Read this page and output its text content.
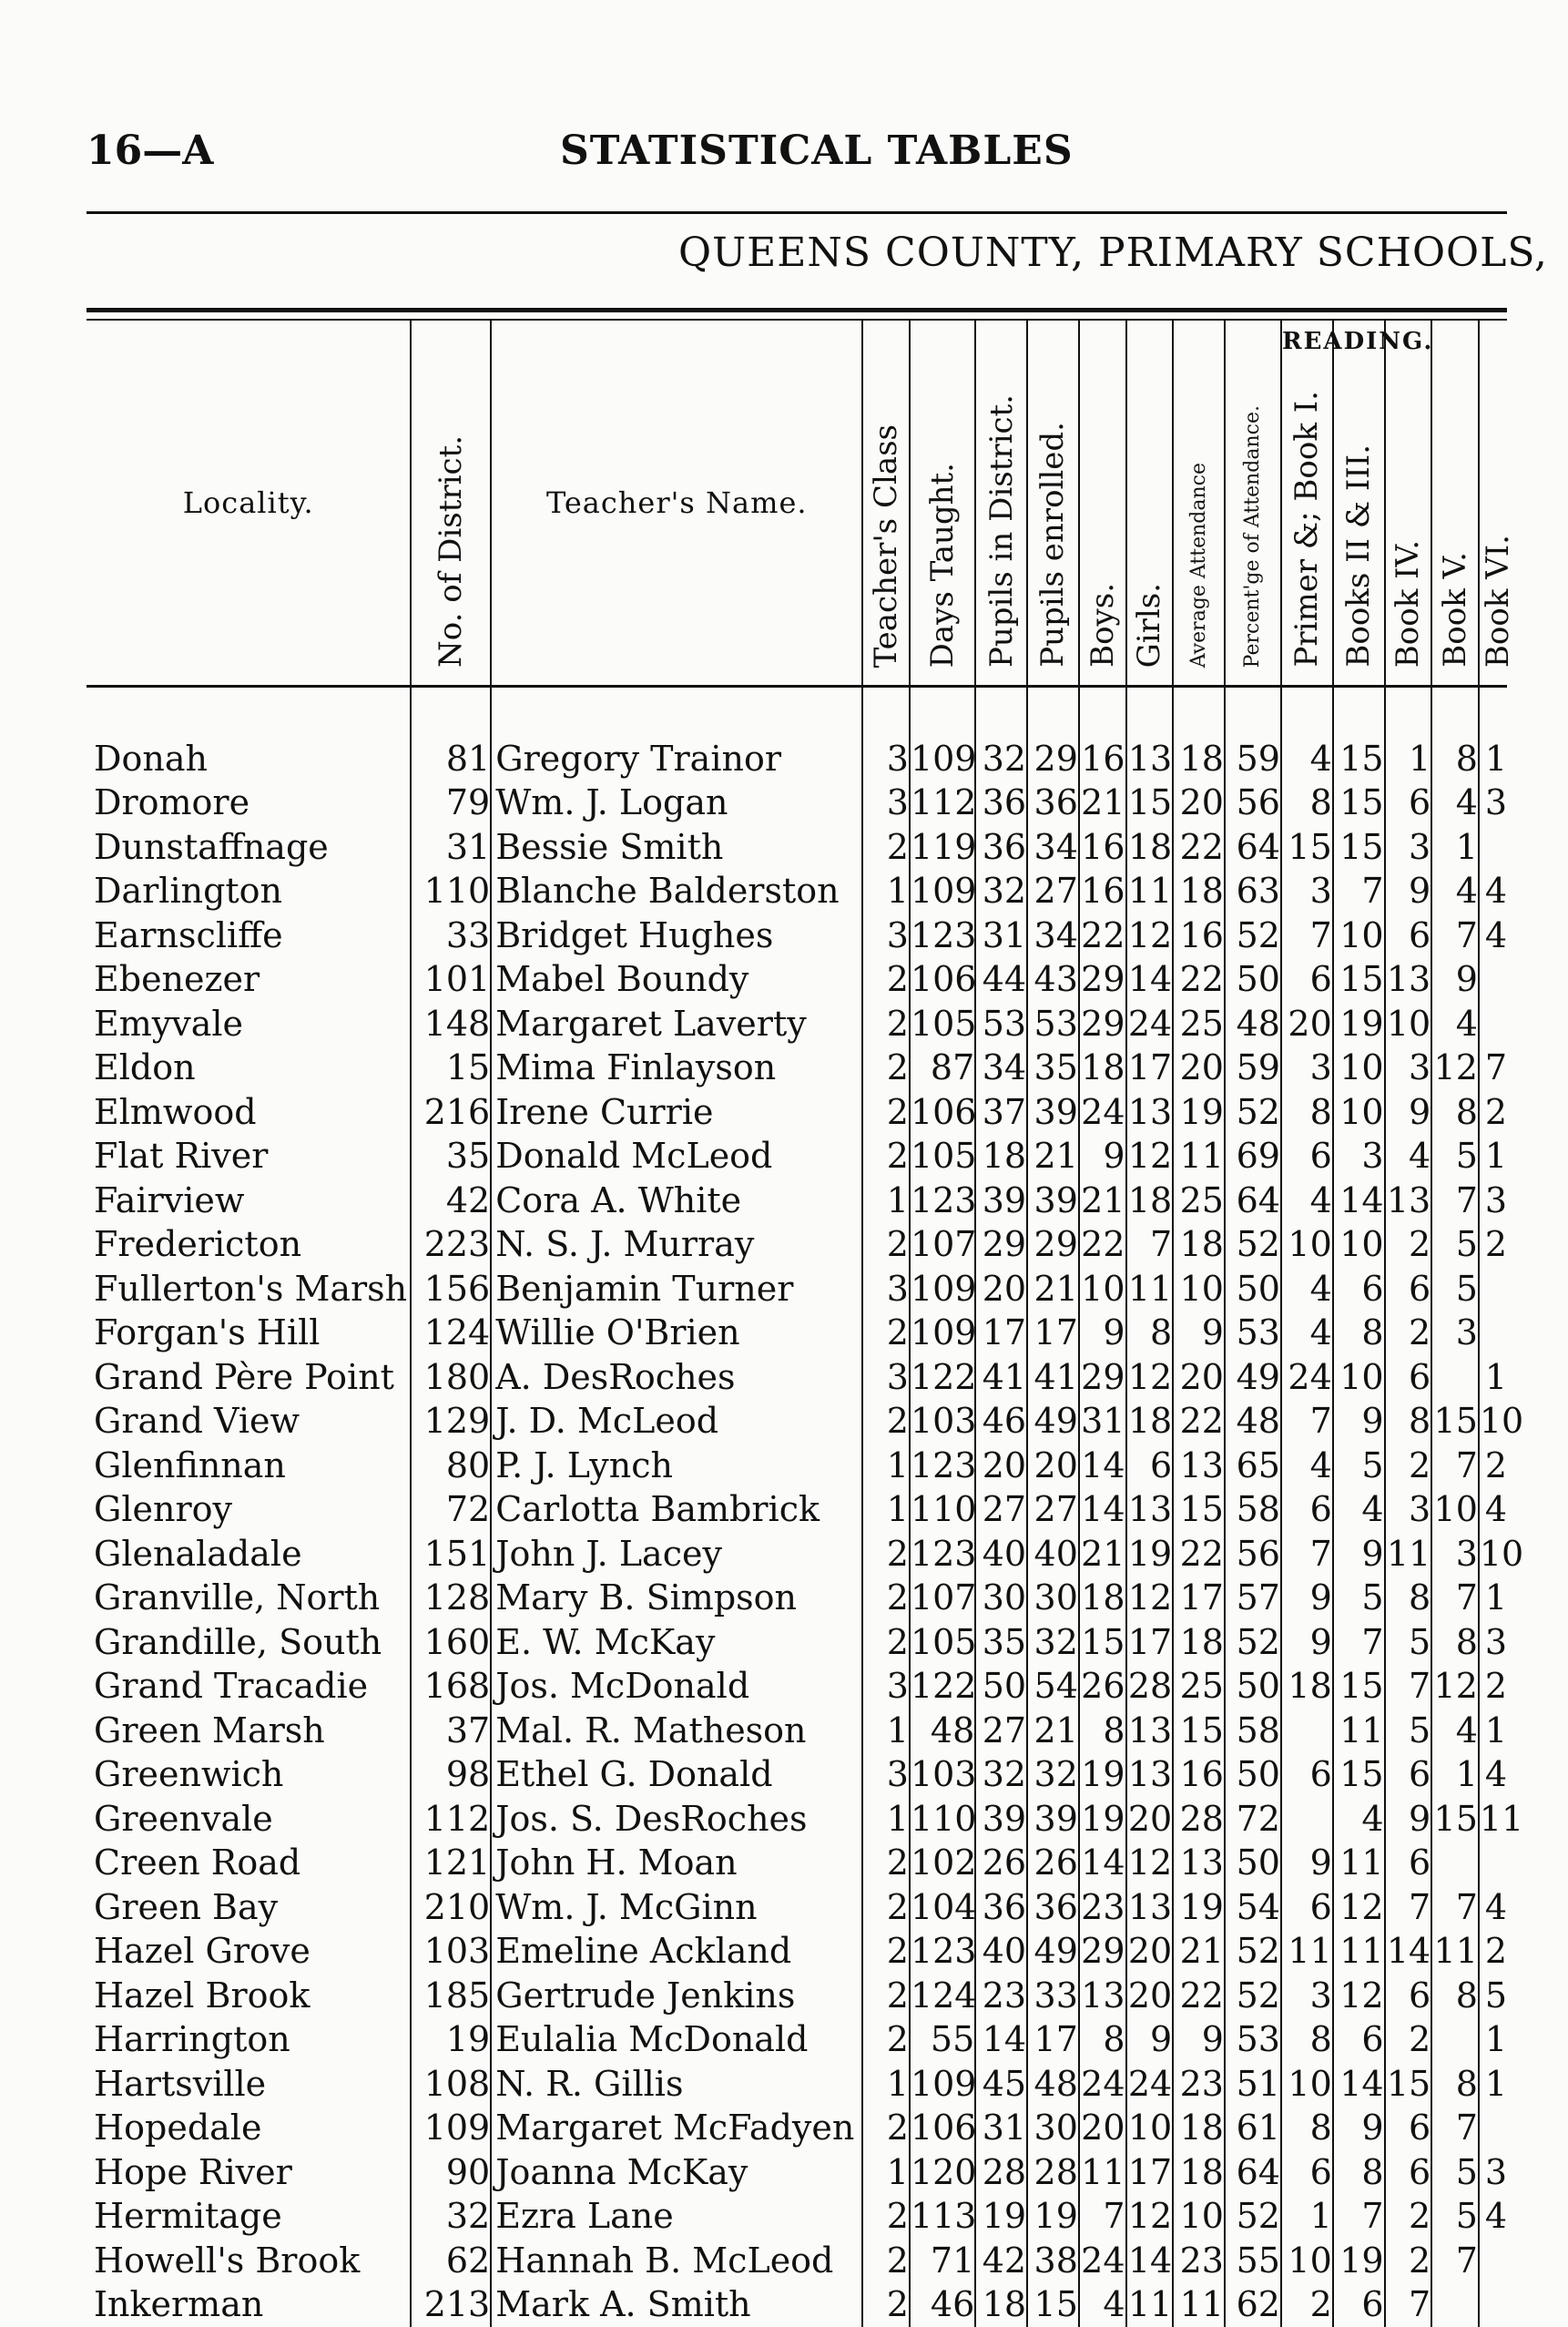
16—A	STATISTICAL TABLES
QUEENS COUNTY, PRIMARY SCHOOLS,
Locality.	No. of District.	Teacher's Name.	Teacher's Class	Days Taught.	Pupils in District.	Pupils enrolled.	Boys.	Girls.	Average Attendance	Percent'ge of Attendance.	READING.
Primer &; Book I.	Books II & III.	Book IV.	Book V.	Book VI.
Donah	81	Gregory Trainor	3	109	32	29	16	13	18	59	4	15	1	8	1
Dromore	79	Wm. J. Logan	3	112	36	36	21	15	20	56	8	15	6	4	3
Dunstaffnage	31	Bessie Smith	2	119	36	34	16	18	22	64	15	15	3	1	
Darlington	110	Blanche Balderston	1	109	32	27	16	11	18	63	3	7	9	4	4
Earnscliffe	33	Bridget Hughes	3	123	31	34	22	12	16	52	7	10	6	7	4
Ebenezer	101	Mabel Boundy	2	106	44	43	29	14	22	50	6	15	13	9	
Emyvale	148	Margaret Laverty	2	105	53	53	29	24	25	48	20	19	10	4	
Eldon	15	Mima Finlayson	2	87	34	35	18	17	20	59	3	10	3	12	7
Elmwood	216	Irene Currie	2	106	37	39	24	13	19	52	8	10	9	8	2
Flat River	35	Donald McLeod	2	105	18	21	9	12	11	69	6	3	4	5	1
Fairview	42	Cora A. White	1	123	39	39	21	18	25	64	4	14	13	7	3
Fredericton	223	N. S. J. Murray	2	107	29	29	22	7	18	52	10	10	2	5	2
Fullerton's Marsh	156	Benjamin Turner	3	109	20	21	10	11	10	50	4	6	6	5	
Forgan's Hill	124	Willie O'Brien	2	109	17	17	9	8	9	53	4	8	2	3	
Grand Père Point	180	A. DesRoches	3	122	41	41	29	12	20	49	24	10	6		1
Grand View	129	J. D. McLeod	2	103	46	49	31	18	22	48	7	9	8	15	10
Glenfinnan	80	P. J. Lynch	1	123	20	20	14	6	13	65	4	5	2	7	2
Glenroy	72	Carlotta Bambrick	1	110	27	27	14	13	15	58	6	4	3	10	4
Glenaladale	151	John J. Lacey	2	123	40	40	21	19	22	56	7	9	11	3	10
Granville, North	128	Mary B. Simpson	2	107	30	30	18	12	17	57	9	5	8	7	1
Grandille, South	160	E. W. McKay	2	105	35	32	15	17	18	52	9	7	5	8	3
Grand Tracadie	168	Jos. McDonald	3	122	50	54	26	28	25	50	18	15	7	12	2
Green Marsh	37	Mal. R. Matheson	1	48	27	21	8	13	15	58		11	5	4	1
Greenwich	98	Ethel G. Donald	3	103	32	32	19	13	16	50	6	15	6	1	4
Greenvale	112	Jos. S. DesRoches	1	110	39	39	19	20	28	72		4	9	15	11
Creen Road	121	John H. Moan	2	102	26	26	14	12	13	50	9	11	6		
Green Bay	210	Wm. J. McGinn	2	104	36	36	23	13	19	54	6	12	7	7	4
Hazel Grove	103	Emeline Ackland	2	123	40	49	29	20	21	52	11	11	14	11	2
Hazel Brook	185	Gertrude Jenkins	2	124	23	33	13	20	22	52	3	12	6	8	5
Harrington	19	Eulalia McDonald	2	55	14	17	8	9	9	53	8	6	2		1
Hartsville	108	N. R. Gillis	1	109	45	48	24	24	23	51	10	14	15	8	1
Hopedale	109	Margaret McFadyen	2	106	31	30	20	10	18	61	8	9	6	7	
Hope River	90	Joanna McKay	1	120	28	28	11	17	18	64	6	8	6	5	3
Hermitage	32	Ezra Lane	2	113	19	19	7	12	10	52	1	7	2	5	4
Howell's Brook	62	Hannah B. McLeod	2	71	42	38	24	14	23	55	10	19	2	7	
Inkerman	213	Mark A. Smith	2	46	18	15	4	11	11	62	2	6	7		
